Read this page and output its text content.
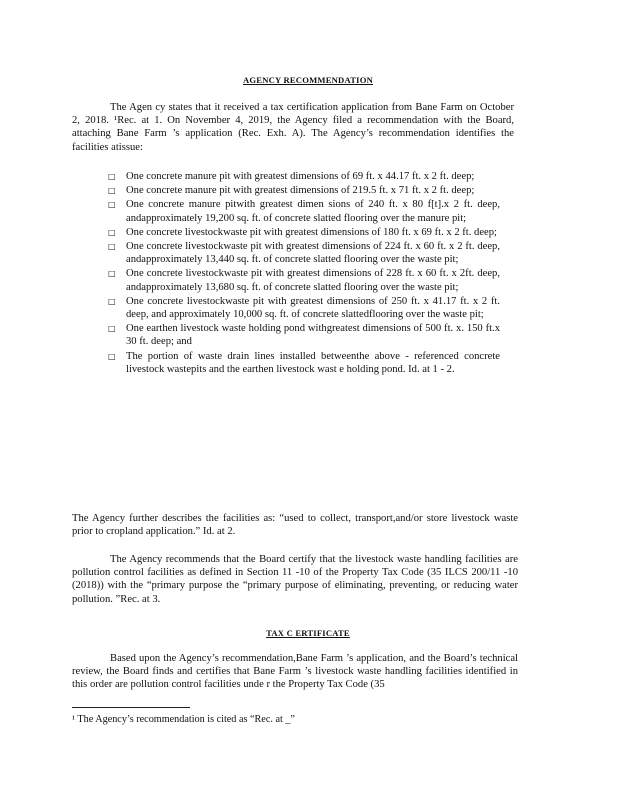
AGENCY RECOMMENDATION
The Agen cy states that it received a tax certification application from Bane Farm on October 2, 2018. ¹Rec. at 1. On November 4, 2019, the Agency filed a recommendation with the Board, attaching Bane Farm ’s application (Rec. Exh. A). The Agency’s recommendation identifies the facilities atissue:
□ One concrete manure pit with greatest dimensions of 69 ft. x 44.17 ft. x 2 ft. deep;
□ One concrete manure pit with greatest dimensions of 219.5 ft. x 71 ft. x 2 ft. deep;
□ One concrete manure pitwith greatest dimen sions of 240 ft. x 80 f[t].x 2 ft. deep, andapproximately 19,200 sq. ft. of concrete slatted flooring over the manure pit;
□ One concrete livestockwaste pit with greatest dimensions of 180 ft. x 69 ft. x 2 ft. deep;
□ One concrete livestockwaste pit with greatest dimensions of 224 ft. x 60 ft. x 2 ft. deep, andapproximately 13,440 sq. ft. of concrete slatted flooring over the waste pit;
□ One concrete livestockwaste pit with greatest dimensions of 228 ft. x 60 ft. x 2ft. deep, andapproximately 13,680 sq. ft. of concrete slatted flooring over the waste pit;
□ One concrete livestockwaste pit with greatest dimensions of 250 ft. x 41.17 ft. x 2 ft. deep, and approximately 10,000 sq. ft. of concrete slattedflooring over the waste pit;
□ One earthen livestock waste holding pond withgreatest dimensions of 500 ft. x. 150 ft.x 30 ft. deep; and
□ The portion of waste drain lines installed betweenthe above - referenced concrete livestock wastepits and the earthen livestock wast e holding pond. Id. at 1 - 2.
The Agency further describes the facilities as: “used to collect, transport,and/or store livestock waste prior to cropland application.” Id. at 2.
The Agency recommends that the Board certify that the livestock waste handling facilities are pollution control facilities as defined in Section 11 -10 of the Property Tax Code (35 ILCS 200/11 -10 (2018)) with the “primary purpose the “primary purpose of eliminating, preventing, or reducing water pollution. ”Rec. at 3.
TAX C ERTIFICATE
Based upon the Agency’s recommendation,Bane Farm ’s application, and the Board’s technical review, the Board finds and certifies that Bane Farm ’s livestock waste handling facilities identified in this order are pollution control facilities unde r the Property Tax Code (35
¹ The Agency’s recommendation is cited as “Rec. at _”
